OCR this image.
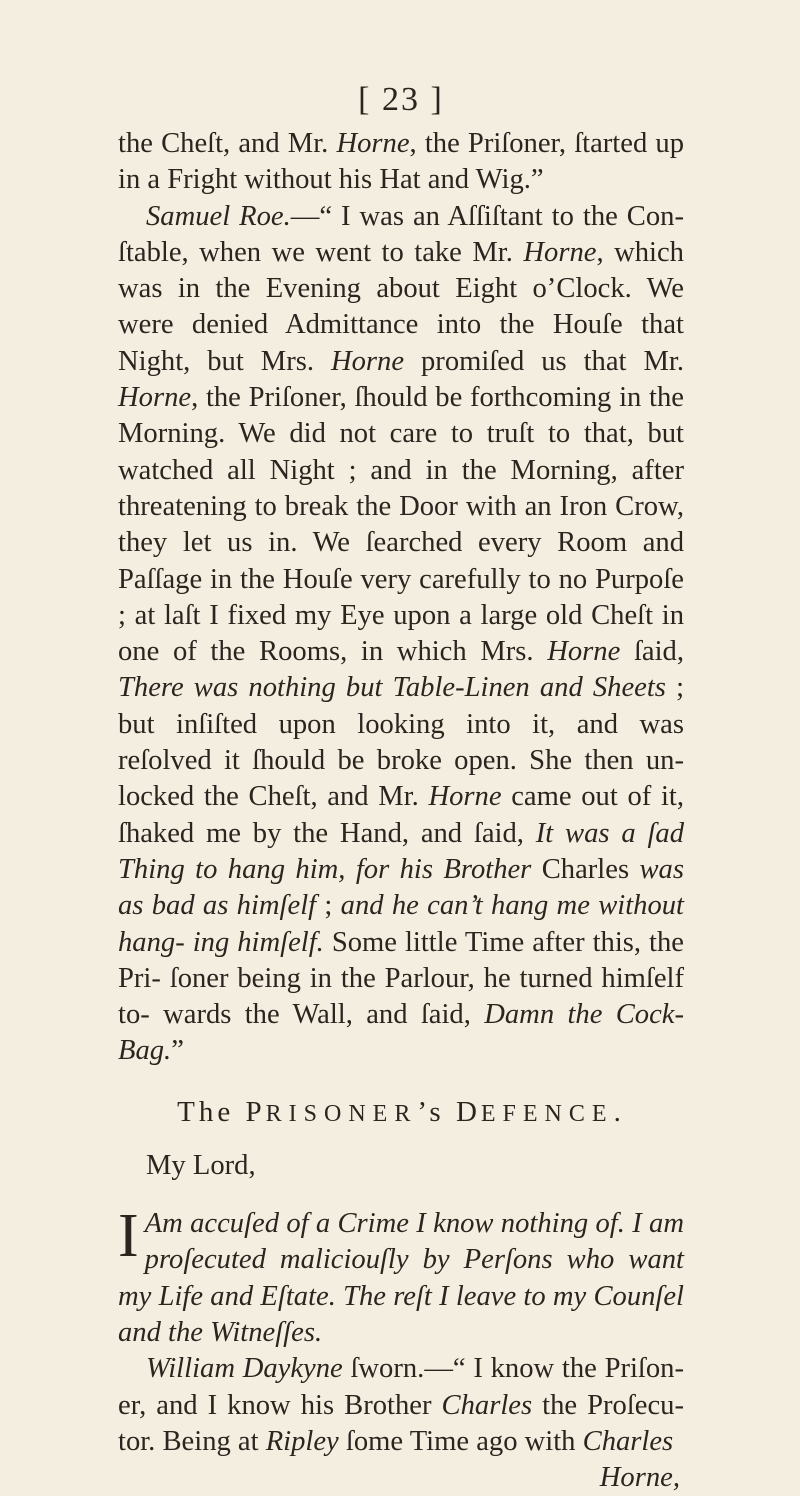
[ 23 ]

the Cheſt, and Mr. Horne, the Priſoner, ſtarted up in a Fright without his Hat and Wig.”

Samuel Roe.—“ I was an Aſſiſtant to the Con- ſtable, when we went to take Mr. Horne, which was in the Evening about Eight o’Clock. We were denied Admittance into the Houſe that Night, but Mrs. Horne promiſed us that Mr. Horne, the Priſoner, ſhould be forthcoming in the Morning. We did not care to truſt to that, but watched all Night ; and in the Morning, after threatening to break the Door with an Iron Crow, they let us in. We ſearched every Room and Paſſage in the Houſe very carefully to no Purpoſe ; at laſt I fixed my Eye upon a large old Cheſt in one of the Rooms, in which Mrs. Horne ſaid, There was nothing but Table-Linen and Sheets ; but inſiſted upon looking into it, and was reſolved it ſhould be broke open. She then un- locked the Cheſt, and Mr. Horne came out of it, ſhaked me by the Hand, and ſaid, It was a ſad Thing to hang him, for his Brother Charles was as bad as himſelf ; and he can’t hang me without hang- ing himſelf. Some little Time after this, the Pri- ſoner being in the Parlour, he turned himſelf to- wards the Wall, and ſaid, Damn the Cock-Bag.”

The PRISONER’s DEFENCE.

My Lord,

I Am accuſed of a Crime I know nothing of. I am proſecuted maliciouſly by Perſons who want my Life and Eſtate. The reſt I leave to my Counſel and the Witneſſes.

William Daykyne ſworn.—“ I know the Priſon- er, and I know his Brother Charles the Proſecu- tor. Being at Ripley ſome Time ago with Charles

Horne,
